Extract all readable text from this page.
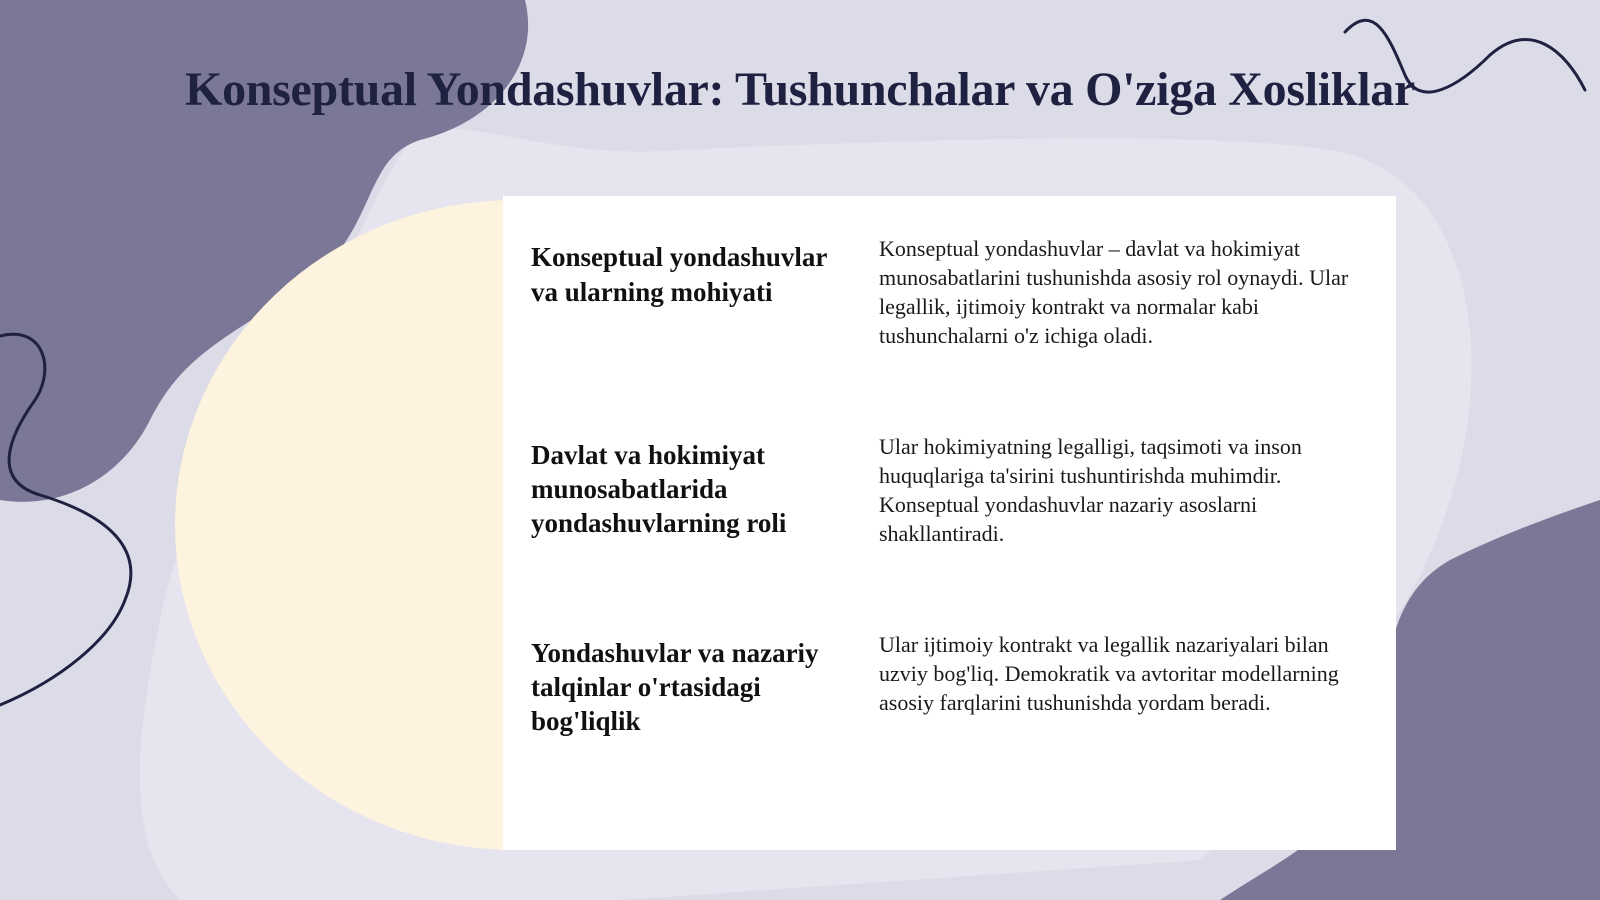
Konseptual Yondashuvlar: Tushunchalar va O'ziga Xosliklar
Konseptual yondashuvlar va ularning mohiyati
Konseptual yondashuvlar – davlat va hokimiyat munosabatlarini tushunishda asosiy rol oynaydi. Ular legallik, ijtimoiy kontrakt va normalar kabi tushunchalarni o'z ichiga oladi.
Davlat va hokimiyat munosabatlarida yondashuvlarning roli
Ular hokimiyatning legalligi, taqsimoti va inson huquqlariga ta'sirini tushuntirishda muhimdir. Konseptual yondashuvlar nazariy asoslarni shakllantiradi.
Yondashuvlar va nazariy talqinlar o'rtasidagi bog'liqlik
Ular ijtimoiy kontrakt va legallik nazariyalari bilan uzviy bog'liq. Demokratik va avtoritar modellarning asosiy farqlarini tushunishda yordam beradi.
